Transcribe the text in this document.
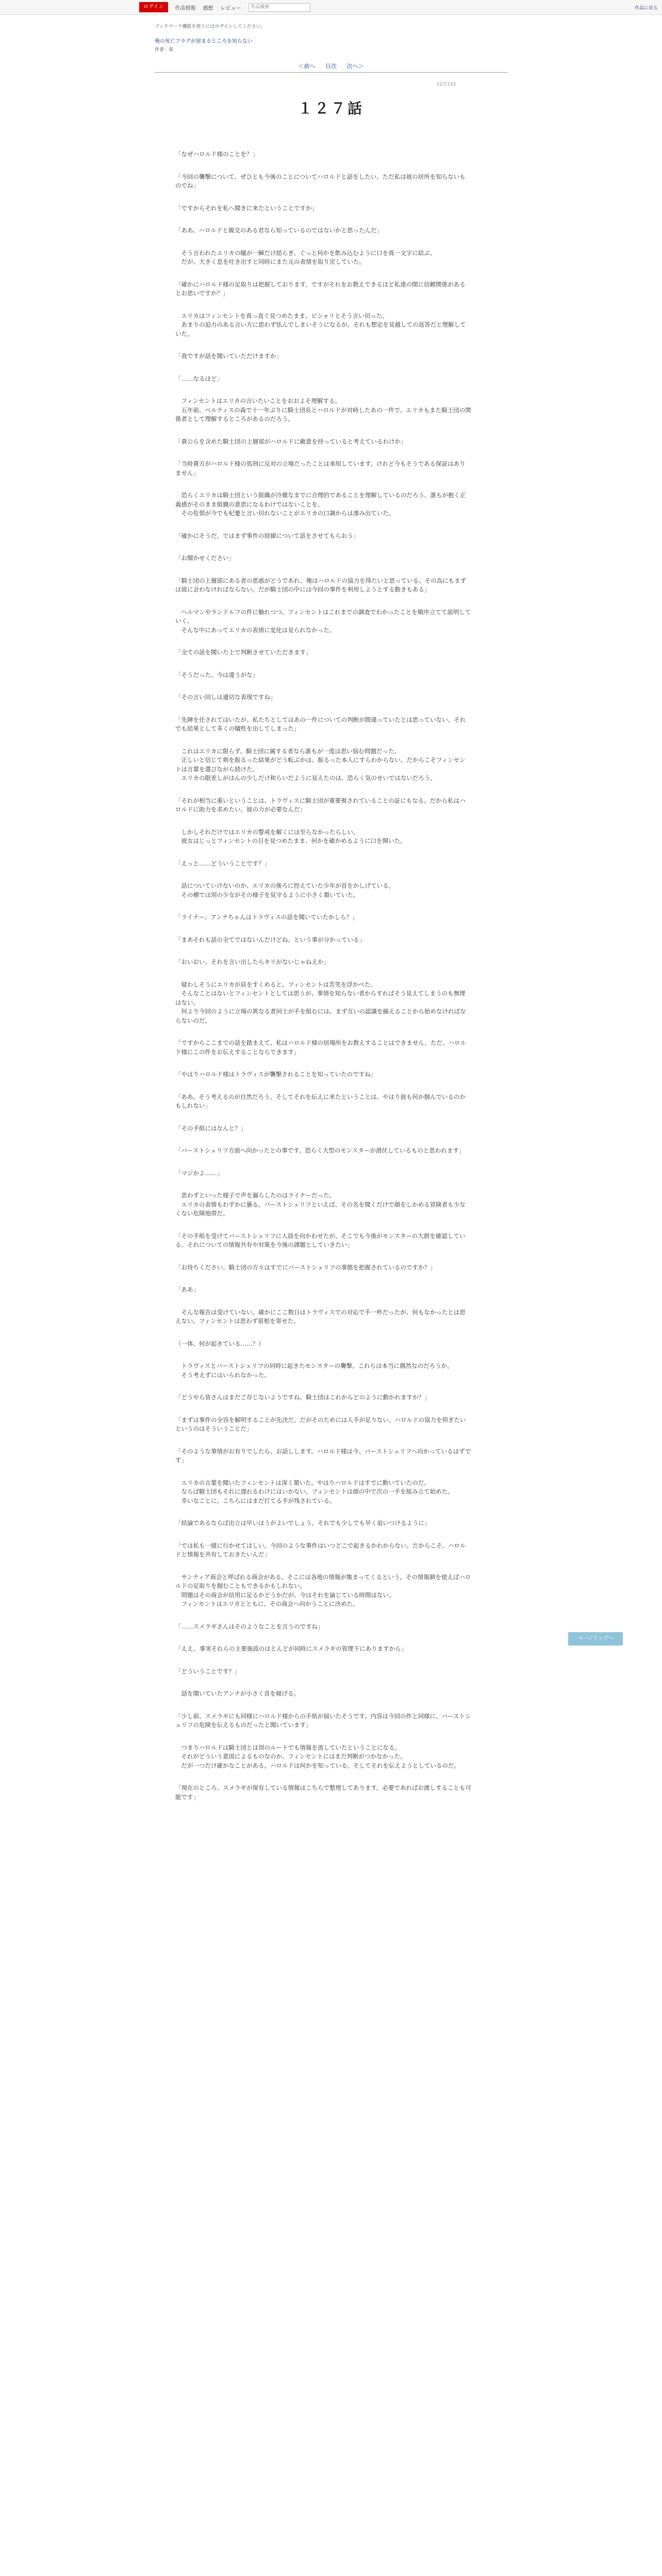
ログイン	作品情報 感想 レビュー
作品検索	作品に戻る
ブックマーク機能を使うにはログインしてください。
俺の死亡フラグが留まるところを知らない
作者：泉
＜前へ 目次 次へ＞
127/133
１２７話

「なぜハロルド様のことを？」

「今回の襲撃について、ぜひとも今後のことについてハロルドと話をしたい。ただ私は彼の居所を知らないものでね」

「ですからそれを私へ聞きに来たということですか」

「ああ。ハロルドと親交のある君なら知っているのではないかと思ったんだ」

　そう言われたエリカの瞳が一瞬だけ揺らぎ、ぐっと何かを飲み込むように口を真一文字に結ぶ。
　だが、大きく息を吐き出すと同時にまた元の表情を取り戻していた。

「確かにハロルド様の足取りは把握しております。ですがそれをお教えできるほど私達の間に信頼関係があるとお思いですか？」

　エリカはフィンセントを真っ直ぐ見つめたまま、ピシャリとそう言い切った。
　あまりの迫力のある言い方に思わず怯んでしまいそうになるが、それも想定を見越しての返答だと理解していた。

「我ですが話を聞いていただけますか」

「……なるほど」

　フィンセントはエリカの言いたいことをおおよそ理解する。
　五年前、ベルティスの森で十一年ぶりに騎士団長とハロルドが対峙したあの一件で、エリカもまた騎士団の関係者として理解するところがあるのだろう。

「貴公らを含めた騎士団の上層部がハロルドに敵意を持っていると考えているわけか」

「当時貴方がハロルド様の処刑に反対の立場だったことは承知しています。けれど今もそうである保証はありません」

　恐らくエリカは騎士団という組織が冷徹なまでに合理的であることを理解しているのだろう。誰もが抱く正義感がそのまま組織の意思になるわけではないことを。
　その危惧が今でも杞憂と言い切れないことがエリカの口調からは滲み出ていた。

「確かにそうだ。ではまず事件の経緯について話をさせてもらおう」

「お聞かせください」

「騎士団の上層部にある者の思惑がどうであれ、俺はハロルドの協力を得たいと思っている。その為にもまずは彼に会わなければならない。だが騎士団の中には今回の事件を利用しようとする動きもある」

　ヘルマンやランドルフの件に触れつつ、フィンセントはこれまでの調査でわかったことを順序立てて説明していく。
　そんな中にあってエリカの表情に変化は見られなかった。

「全ての話を聞いた上で判断させていただきます」

「そうだった。今は違うがな」

「その言い回しは適切な表現ですね」

「先陣を任されてはいたが、私たちとしてはあの一件についての判断が間違っていたとは思っていない。それでも結果として多くの犠牲を出してしまった」

　これはエリカに限らず、騎士団に属する者なら誰もが一度は思い悩む問題だった。
　正しいと信じて剣を振るった結果がどう転ぶかは、振るった本人にすらわからない。だからこそフィンセントは言葉を選びながら続けた。
　エリカの眼差しがほんの少しだけ和らいだように見えたのは、恐らく気のせいではないだろう。

「それが相当に重いということは、トラヴィスに騎士団が重要視されていることの証にもなる。だから私はハロルドに助力を求めたい。彼の力が必要なんだ」

　しかしそれだけではエリカの警戒を解くには至らなかったらしい。
　彼女はじっとフィンセントの目を見つめたまま、何かを確かめるように口を開いた。

「えっと……どういうことです？」

　話についていけないのか、エリカの後ろに控えていた少年が首をかしげている。
　その横では別の少女がその様子を見守るように小さく頷いていた。

「ライナー、アンナちゃんはトラヴィスの話を聞いていたかしら？」

「まあそれも話の全てではないんだけどね。という事が分かっている」

「おいおい。それを言い出したらキリがないじゃねえか」

　疑わしそうにエリカが肩をすくめると、フィンセントは苦笑を浮かべた。
　そんなことはないとフィンセントとしては思うが、事情を知らない者からすればそう見えてしまうのも無理はない。
　何より今回のように立場の異なる者同士が手を組むには、まず互いの認識を揃えることから始めなければならないのだ。

「ですからここまでの話を踏まえて、私はハロルド様の居場所をお教えすることはできません。ただ、ハロルド様にこの件をお伝えすることならできます」

「やはりハロルド様はトラヴィスが襲撃されることを知っていたのですね」

「ああ。そう考えるのが自然だろう。そしてそれを伝えに来たということは、やはり彼も何か掴んでいるのかもしれない」

「その手紙にはなんと？」

「バーストシェリフ方面へ向かったとの事です。恐らく大型のモンスターが潜伏しているものと思われます」

「マジかよ……」

　思わずといった様子で声を漏らしたのはライナーだった。
　エリカの表情もわずかに曇る。バーストシェリフといえば、その名を聞くだけで顔をしかめる冒険者も少なくない危険地帯だ。

「その手紙を受けてバーストシェリフに人員を向かわせたが、そこでも今後がモンスターの大群を確認している。それについての情報共有や対策を今後の課題としていきたい」

「お待ちください。騎士団の方々はすでにバーストシェリフの事態を把握されているのですか？」

「ああ」

　そんな報告は受けていない。確かにここ数日はトラヴィスでの対応で手一杯だったが、何もなかったとは思えない。フィンセントは思わず眉根を寄せた。

（一体、何が起きている……？）

　トラヴィスとバーストシェリフの同時に起きたモンスターの襲撃。これらは本当に偶然なのだろうか。
　そう考えずにはいられなかった。

「どうやら皆さんはまだご存じないようですね。騎士団はこれからどのように動かれますか？」

「まずは事件の全容を解明することが先決だ。だがそのためには人手が足りない。ハロルドの協力を仰ぎたいというのはそういうことだ」

「そのような事情がお有りでしたら、お話しします。ハロルド様は今、バーストシェリフへ向かっているはずです」

　エリカの言葉を聞いたフィンセントは深く頷いた。やはりハロルドはすでに動いていたのだ。
　ならば騎士団もそれに遅れるわけにはいかない。フィンセントは頭の中で次の一手を組み立て始めた。
　幸いなことに、こちらにはまだ打てる手が残されている。

「結論であるならば出立は早いほうがよいでしょう。それでも少しでも早く追いつけるように」

「では私も一緒に行かせてほしい。今回のような事件はいつどこで起きるかわからない。だからこそ、ハロルドと情報を共有しておきたいんだ」

　サンティア商会と呼ばれる商会がある。そこには各地の情報が集まってくるという。その情報網を使えばハロルドの足取りを掴むこともできるかもしれない。
　問題はその商会が信用に足るかどうかだが、今はそれを論じている時間はない。
　フィンセントはエリカとともに、その商会へ向かうことに決めた。

「……スメラギさんはそのようなことを言うのですね」

「ええ。事実それらの主要施設のほとんどが同時にスメラギの管理下にありますから」

「どういうことです？」

　話を聞いていたアンナが小さく首を傾げる。

「少し前、スメラギにも同様にハロルド様からの手紙が届いたそうです。内容は今回の件と同様に、バーストシェリフの危険を伝えるものだったと聞いています」

　つまりハロルドは騎士団とは別のルートでも情報を流していたということになる。
　それがどういう意図によるものなのか、フィンセントにはまだ判断がつかなかった。
　だが一つだけ確かなことがある。ハロルドは何かを知っている。そしてそれを伝えようとしているのだ。

「現在のところ、スメラギが保有している情報はこちらで整理してあります。必要であればお渡しすることも可能です」

ページトップへ
